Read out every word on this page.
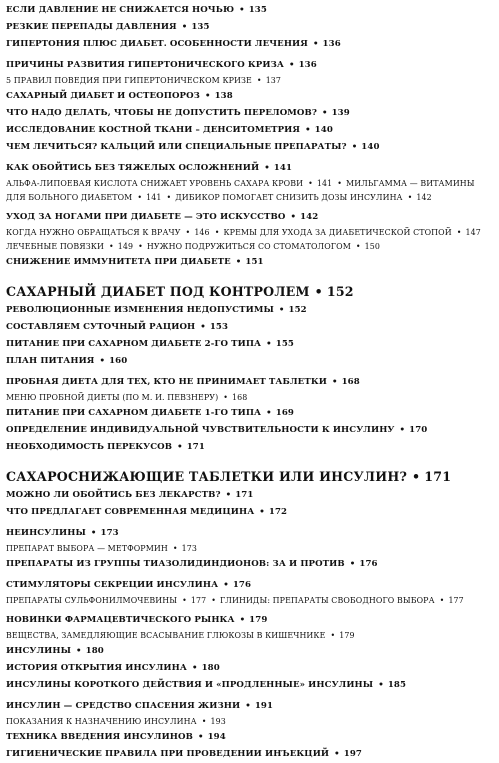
ЕСЛИ ДАВЛЕНИЕ НЕ СНИЖАЕТСЯ НОЧЬЮ • 135
РЕЗКИЕ ПЕРЕПАДЫ ДАВЛЕНИЯ • 135
ГИПЕРТОНИЯ ПЛЮС ДИАБЕТ. ОСОБЕННОСТИ ЛЕЧЕНИЯ • 136
ПРИЧИНЫ РАЗВИТИЯ ГИПЕРТОНИЧЕСКОГО КРИЗА • 136
5 ПРАВИЛ ПОВЕДИЯ ПРИ ГИПЕРТОНИЧЕСКОМ КРИЗЕ • 137
САХАРНЫЙ ДИАБЕТ И ОСТЕОПОРОЗ • 138
ЧТО НАДО ДЕЛАТЬ, ЧТОБЫ НЕ ДОПУСТИТЬ ПЕРЕЛОМОВ? • 139
ИССЛЕДОВАНИЕ КОСТНОЙ ТКАНИ – ДЕНСИТОМЕТРИЯ • 140
ЧЕМ ЛЕЧИТЬСЯ? КАЛЬЦИЙ ИЛИ СПЕЦИАЛЬНЫЕ ПРЕПАРАТЫ? • 140
КАК ОБОЙТИСЬ БЕЗ ТЯЖЕЛЫХ ОСЛОЖНЕНИЙ • 141
АЛЬФА-ЛИПОЕВАЯ КИСЛОТА СНИЖАЕТ УРОВЕНЬ САХАРА КРОВИ • 141 • МИЛЬГАММА — ВИТАМИНЫ
ДЛЯ БОЛЬНОГО ДИАБЕТОМ • 141 • ДИБИКОР ПОМОГАЕТ СНИЗИТЬ ДОЗЫ ИНСУЛИНА • 142
УХОД ЗА НОГАМИ ПРИ ДИАБЕТЕ — ЭТО ИСКУССТВО • 142
КОГДА НУЖНО ОБРАЩАТЬСЯ К ВРАЧУ • 146 • КРЕМЫ ДЛЯ УХОДА ЗА ДИАБЕТИЧЕСКОЙ СТОПОЙ • 147
ЛЕЧЕБНЫЕ ПОВЯЗКИ • 149 • НУЖНО ПОДРУЖИТЬСЯ СО СТОМАТОЛОГОМ • 150
СНИЖЕНИЕ ИММУНИТЕТА ПРИ ДИАБЕТЕ • 151
САХАРНЫЙ ДИАБЕТ ПОД КОНТРОЛЕМ • 152
РЕВОЛЮЦИОННЫЕ ИЗМЕНЕНИЯ НЕДОПУСТИМЫ • 152
СОСТАВЛЯЕМ СУТОЧНЫЙ РАЦИОН • 153
ПИТАНИЕ ПРИ САХАРНОМ ДИАБЕТЕ 2-ГО ТИПА • 155
ПЛАН ПИТАНИЯ • 160
ПРОБНАЯ ДИЕТА ДЛЯ ТЕХ, КТО НЕ ПРИНИМАЕТ ТАБЛЕТКИ • 168
МЕНЮ ПРОБНОЙ ДИЕТЫ (ПО М. И. ПЕВЗНЕРУ) • 168
ПИТАНИЕ ПРИ САХАРНОМ ДИАБЕТЕ 1-ГО ТИПА • 169
ОПРЕДЕЛЕНИЕ ИНДИВИДУАЛЬНОЙ ЧУВСТВИТЕЛЬНОСТИ К ИНСУЛИНУ • 170
НЕОБХОДИМОСТЬ ПЕРЕКУСОВ • 171
САХАРОСНИЖАЮЩИЕ ТАБЛЕТКИ ИЛИ ИНСУЛИН? • 171
МОЖНО ЛИ ОБОЙТИСЬ БЕЗ ЛЕКАРСТВ? • 171
ЧТО ПРЕДЛАГАЕТ СОВРЕМЕННАЯ МЕДИЦИНА • 172
НЕИНСУЛИНЫ • 173
ПРЕПАРАТ ВЫБОРА — МЕТФОРМИН • 173
ПРЕПАРАТЫ ИЗ ГРУППЫ ТИАЗОЛИДИНДИОНОВ: ЗА И ПРОТИВ • 176
СТИМУЛЯТОРЫ СЕКРЕЦИИ ИНСУЛИНА • 176
ПРЕПАРАТЫ СУЛЬФОНИЛМОЧЕВИНЫ • 177 • ГЛИНИДЫ: ПРЕПАРАТЫ СВОБОДНОГО ВЫБОРА • 177
НОВИНКИ ФАРМАЦЕВТИЧЕСКОГО РЫНКА • 179
ВЕЩЕСТВА, ЗАМЕДЛЯЮЩИЕ ВСАСЫВАНИЕ ГЛЮКОЗЫ В КИШЕЧНИКЕ • 179
ИНСУЛИНЫ • 180
ИСТОРИЯ ОТКРЫТИЯ ИНСУЛИНА • 180
ИНСУЛИНЫ КОРОТКОГО ДЕЙСТВИЯ И «ПРОДЛЕННЫЕ» ИНСУЛИНЫ • 185
ИНСУЛИН — СРЕДСТВО СПАСЕНИЯ ЖИЗНИ • 191
ПОКАЗАНИЯ К НАЗНАЧЕНИЮ ИНСУЛИНА • 193
ТЕХНИКА ВВЕДЕНИЯ ИНСУЛИНОВ • 194
ГИГИЕНИЧЕСКИЕ ПРАВИЛА ПРИ ПРОВЕДЕНИИ ИНЪЕКЦИЙ • 197
